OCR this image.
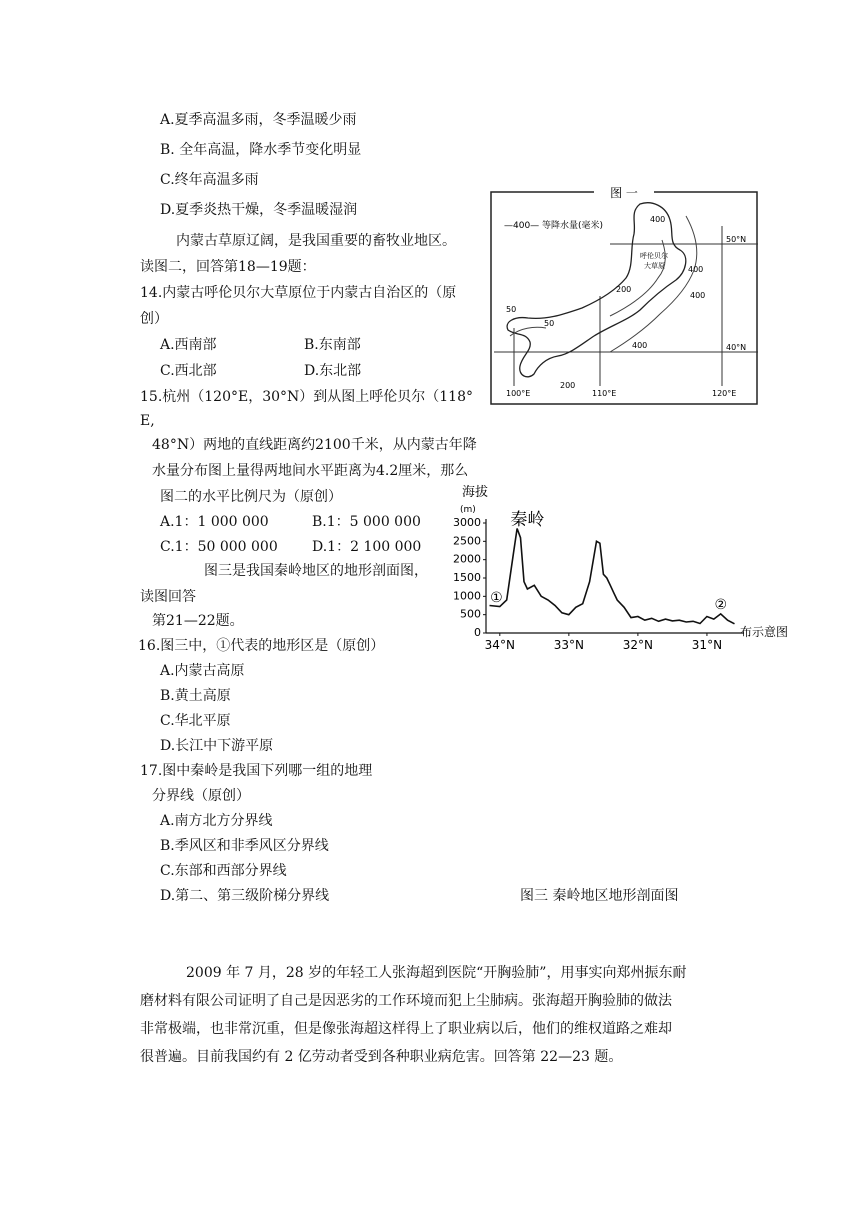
A.夏季高温多雨，冬季温暖少雨
B. 全年高温，降水季节变化明显
C.终年高温多雨
D.夏季炎热干燥，冬季温暖湿润
内蒙古草原辽阔，是我国重要的畜牧业地区。
读图二，回答第18—19题：
14.内蒙古呼伦贝尔大草原位于内蒙古自治区的（原
创）
A.西南部	B.东南部
C.西北部	D.东北部
15.杭州（120°E，30°N）到从图上呼伦贝尔（118°
E,
48°N）两地的直线距离约2100千米，从内蒙古年降
水量分布图上量得两地间水平距离为4.2厘米，那么
图二的水平比例尺为（原创）
A.1：1 000 000	B.1：5 000 000
C.1：50 000 000 D.1：2 100 000
图三是我国秦岭地区的地形剖面图，
读图回答
第21—22题。
16.图三中，①代表的地形区是（原创）
A.内蒙古高原
B.黄土高原
C.华北平原
D.长江中下游平原
17.图中秦岭是我国下列哪一组的地理
分界线（原创）
A.南方北方分界线
B.季风区和非季风区分界线
C.东部和西部分界线
D.第二、第三级阶梯分界线	图三 秦岭地区地形剖面图
2009 年 7 月，28 岁的年轻工人张海超到医院“开胸验肺”，用事实向郑州振东耐
磨材料有限公司证明了自己是因恶劣的工作环境而犯上尘肺病。张海超开胸验肺的做法
非常极端，也非常沉重，但是像张海超这样得上了职业病以后，他们的维权道路之难却
很普遍。目前我国约有 2 亿劳动者受到各种职业病危害。回答第 22—23 题。
图 一
—400— 等降水量(毫米)
400
400
400
400
200
200
50
50
呼伦贝尔
大草原
50°N
40°N
100°E	110°E	120°E
海拔
(m)
0
500
1000
1500
2000
2500
3000
34°N	33°N	32°N	31°N
秦岭
①	②
布示意图
